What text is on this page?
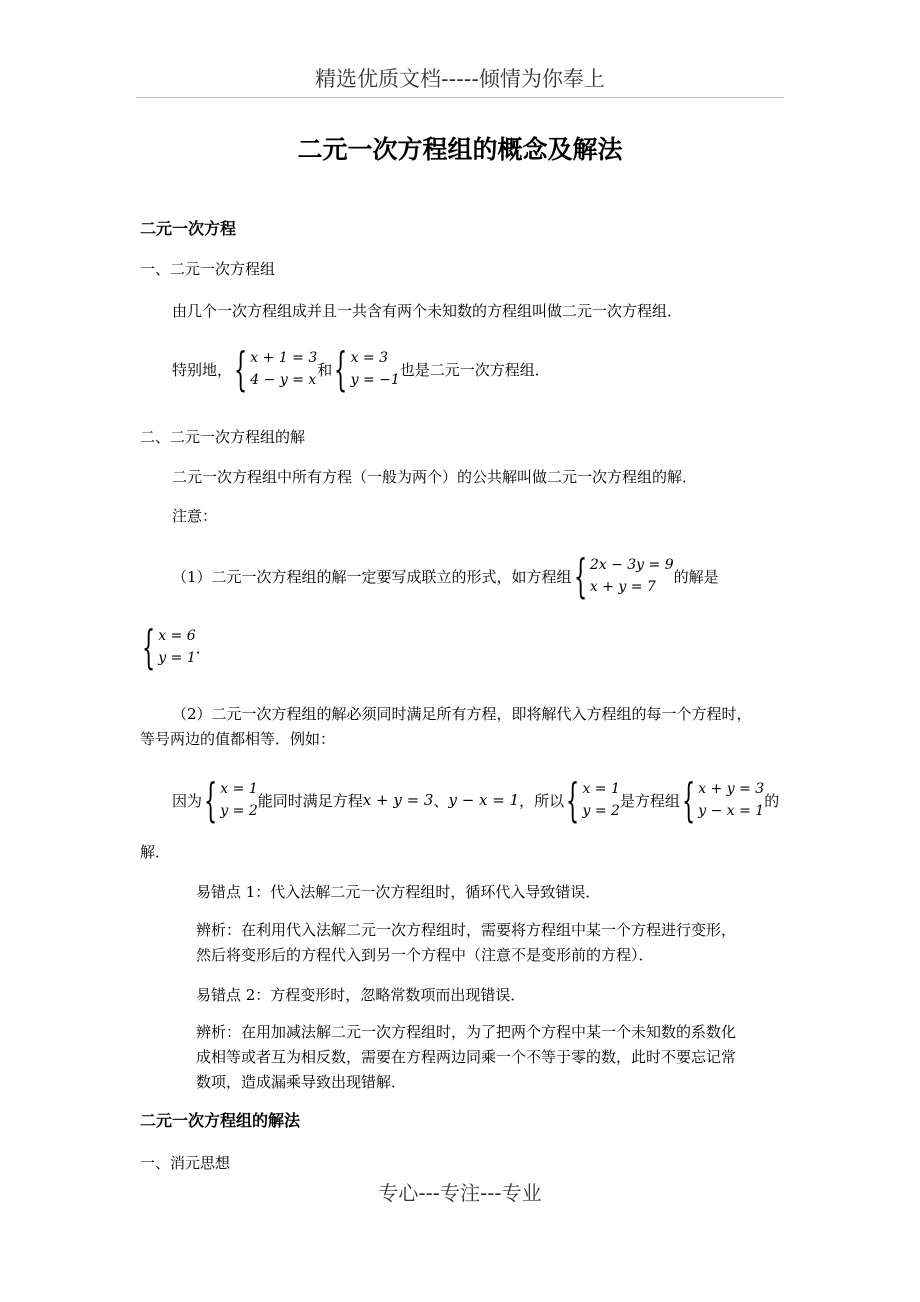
精选优质文档-----倾情为你奉上
二元一次方程组的概念及解法
二元一次方程
一、二元一次方程组
由几个一次方程组成并且一共含有两个未知数的方程组叫做二元一次方程组．
特别地， { x + 1 = 3
4 − y = x
和 { x = 3
y = −1
也是二元一次方程组．
二、二元一次方程组的解
二元一次方程组中所有方程（一般为两个）的公共解叫做二元一次方程组的解．
注意：
（1）二元一次方程组的解一定要写成联立的形式，如方程组 { 2x − 3y = 9
x + y = 7
的解是
{ x = 6
y = 1
．
（2）二元一次方程组的解必须同时满足所有方程，即将解代入方程组的每一个方程时，
等号两边的值都相等．例如：
因为 { x = 1
y = 2
能同时满足方程 x + y = 3 、 y − x = 1 ，所以 { x = 1
y = 2
是方程组 { x + y = 3
y − x = 1
的
解．
易错点 1：代入法解二元一次方程组时，循环代入导致错误．
辨析：在利用代入法解二元一次方程组时，需要将方程组中某一个方程进行变形，
然后将变形后的方程代入到另一个方程中（注意不是变形前的方程）．
易错点 2：方程变形时，忽略常数项而出现错误．
辨析：在用加减法解二元一次方程组时，为了把两个方程中某一个未知数的系数化
成相等或者互为相反数，需要在方程两边同乘一个不等于零的数，此时不要忘记常
数项，造成漏乘导致出现错解．
二元一次方程组的解法
一、消元思想
专心---专注---专业
